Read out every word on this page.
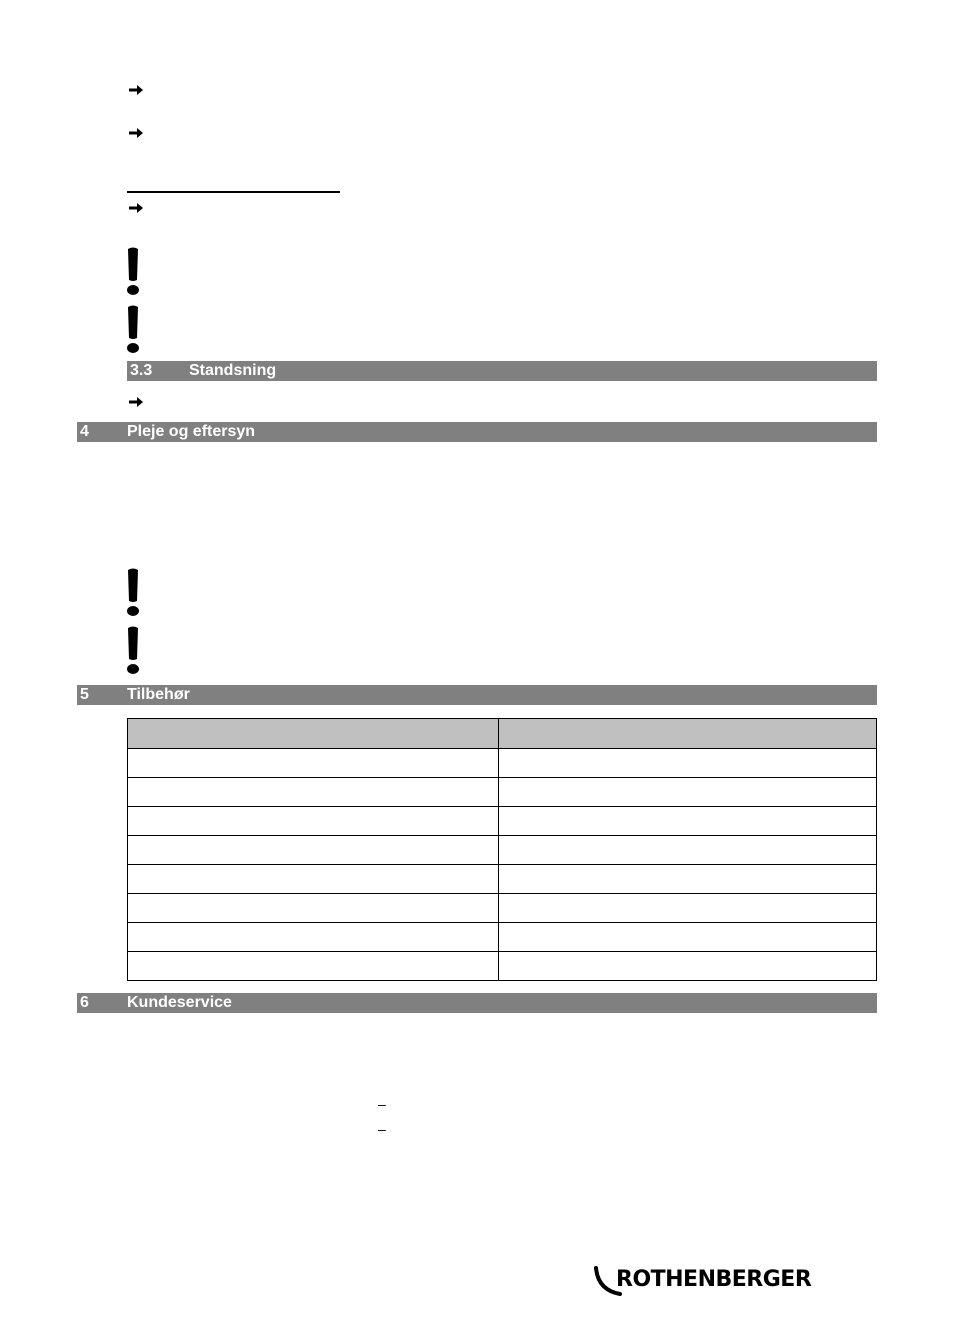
3.3 Standsning
4 Pleje og eftersyn
5 Tilbehør

6 Kundeservice
–
–
ROTHENBERGER
